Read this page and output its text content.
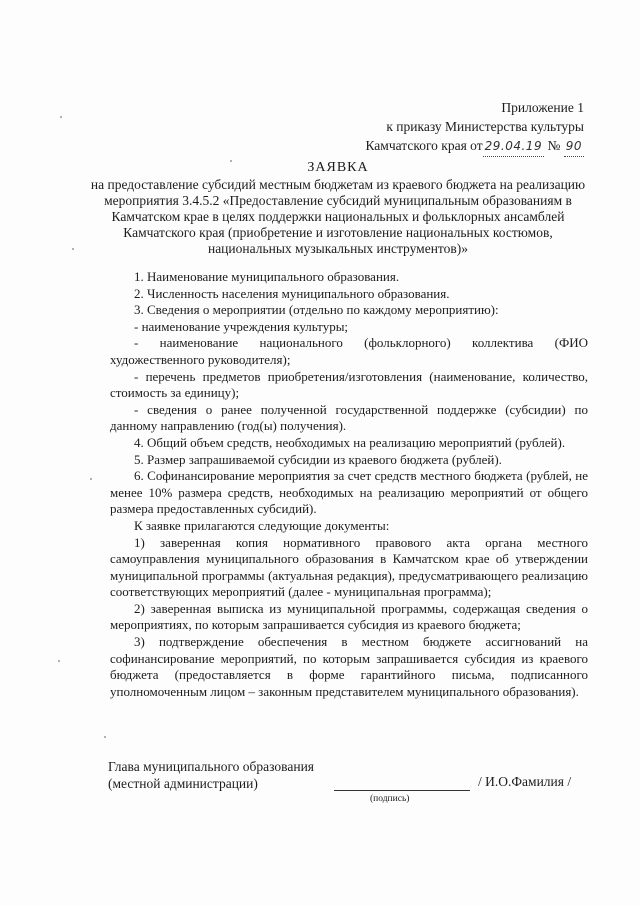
Приложение 1
к приказу Министерства культуры
Камчатского края от 29.04.19 № 90
ЗАЯВКА
на предоставление субсидий местным бюджетам из краевого бюджета на реализацию мероприятия 3.4.5.2 «Предоставление субсидий муниципальным образованиям в Камчатском крае в целях поддержки национальных и фольклорных ансамблей Камчатского края (приобретение и изготовление национальных костюмов, национальных музыкальных инструментов)»

1. Наименование муниципального образования.

2. Численность населения муниципального образования.

3. Сведения о мероприятии (отдельно по каждому мероприятию):

- наименование учреждения культуры;

- наименование национального (фольклорного) коллектива (ФИО художественного руководителя);

- перечень предметов приобретения/изготовления (наименование, количество, стоимость за единицу);

- сведения о ранее полученной государственной поддержке (субсидии) по данному направлению (год(ы) получения).

4. Общий объем средств, необходимых на реализацию мероприятий (рублей).

5. Размер запрашиваемой субсидии из краевого бюджета (рублей).

6. Софинансирование мероприятия за счет средств местного бюджета (рублей, не менее 10% размера средств, необходимых на реализацию мероприятий от общего размера предоставленных субсидий).

К заявке прилагаются следующие документы:

1) заверенная копия нормативного правового акта органа местного самоуправления муниципального образования в Камчатском крае об утверждении муниципальной программы (актуальная редакция), предусматривающего реализацию соответствующих мероприятий (далее - муниципальная программа);

2) заверенная выписка из муниципальной программы, содержащая сведения о мероприятиях, по которым запрашивается субсидия из краевого бюджета;

3) подтверждение обеспечения в местном бюджете ассигнований на софинансирование мероприятий, по которым запрашивается субсидия из краевого бюджета (предоставляется в форме гарантийного письма, подписанного уполномоченным лицом – законным представителем муниципального образования).

Глава муниципального образования
(местной администрации)	/ И.О.Фамилия /
(подпись)
